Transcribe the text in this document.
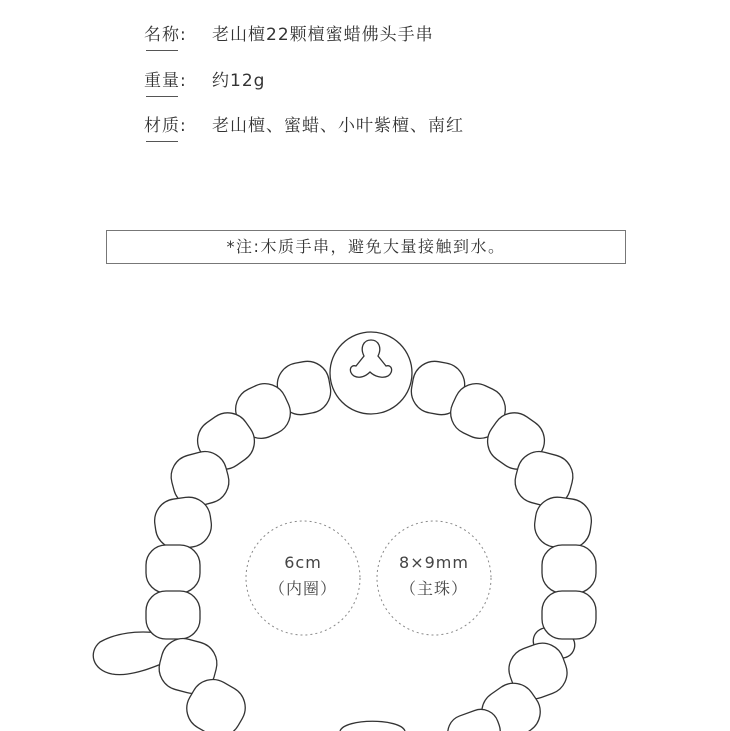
名称: 老山檀22颗檀蜜蜡佛头手串
重量: 约12g
材质: 老山檀、蜜蜡、小叶紫檀、南红
*注:木质手串，避免大量接触到水。
6cm
（内圈）
8×9mm
（主珠）
